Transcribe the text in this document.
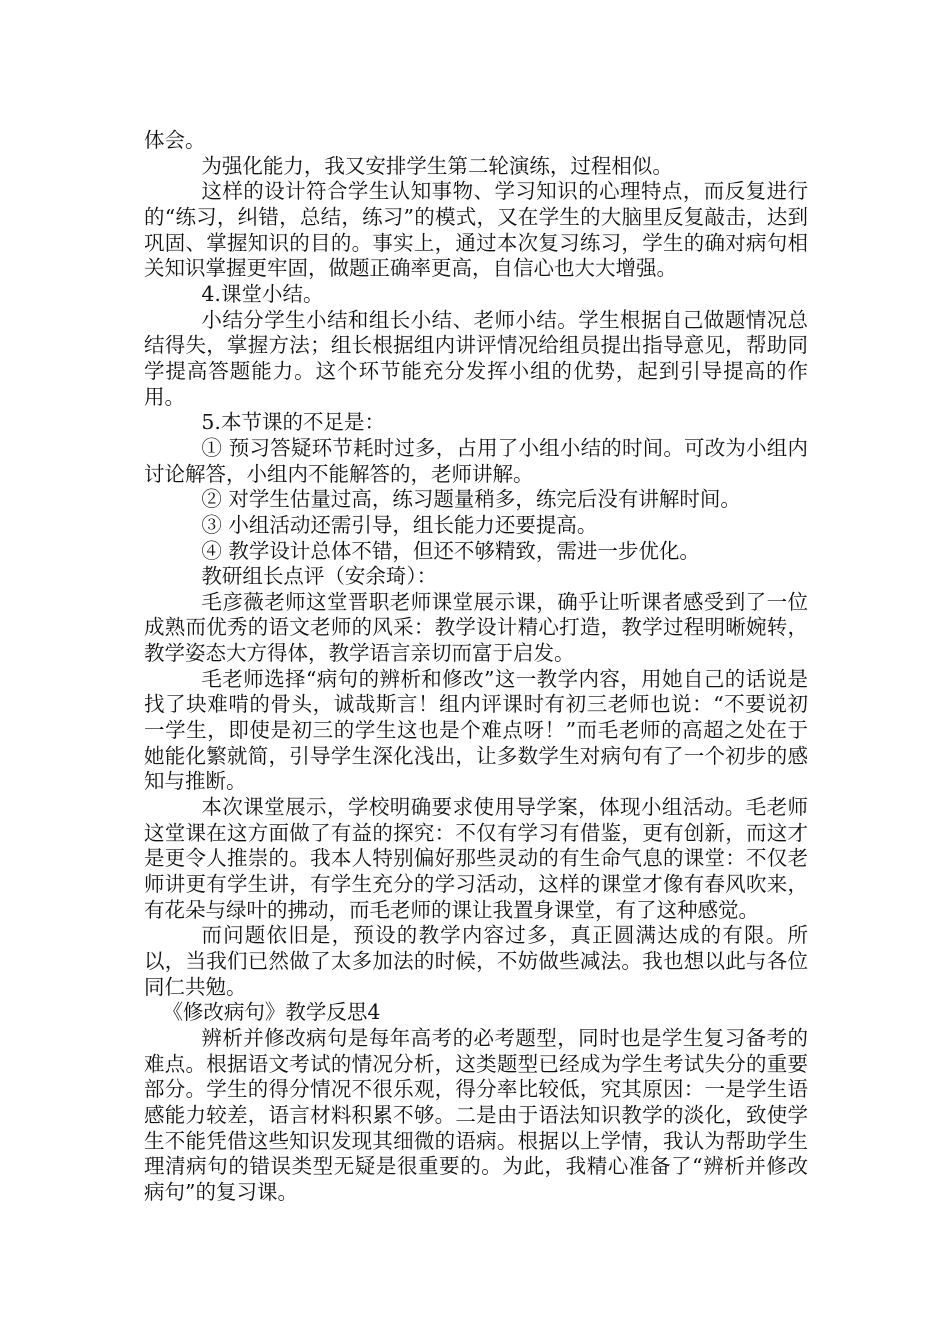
体会。

为强化能力，我又安排学生第二轮演练，过程相似。

这样的设计符合学生认知事物、学习知识的心理特点，而反复进行的“练习，纠错，总结，练习”的模式，又在学生的大脑里反复敲击，达到巩固、掌握知识的目的。事实上，通过本次复习练习，学生的确对病句相关知识掌握更牢固，做题正确率更高，自信心也大大增强。

4.课堂小结。

小结分学生小结和组长小结、老师小结。学生根据自己做题情况总结得失，掌握方法；组长根据组内讲评情况给组员提出指导意见，帮助同学提高答题能力。这个环节能充分发挥小组的优势，起到引导提高的作用。

5.本节课的不足是：

① 预习答疑环节耗时过多，占用了小组小结的时间。可改为小组内讨论解答，小组内不能解答的，老师讲解。

② 对学生估量过高，练习题量稍多，练完后没有讲解时间。

③ 小组活动还需引导，组长能力还要提高。

④ 教学设计总体不错，但还不够精致，需进一步优化。

教研组长点评（安余琦）：

毛彦薇老师这堂晋职老师课堂展示课，确乎让听课者感受到了一位成熟而优秀的语文老师的风采：教学设计精心打造，教学过程明晰婉转，教学姿态大方得体，教学语言亲切而富于启发。

毛老师选择“病句的辨析和修改”这一教学内容，用她自己的话说是找了块难啃的骨头，诚哉斯言！组内评课时有初三老师也说：“不要说初一学生，即使是初三的学生这也是个难点呀！”而毛老师的高超之处在于她能化繁就简，引导学生深化浅出，让多数学生对病句有了一个初步的感知与推断。

本次课堂展示，学校明确要求使用导学案，体现小组活动。毛老师这堂课在这方面做了有益的探究：不仅有学习有借鉴，更有创新，而这才是更令人推崇的。我本人特别偏好那些灵动的有生命气息的课堂：不仅老师讲更有学生讲，有学生充分的学习活动，这样的课堂才像有春风吹来，有花朵与绿叶的拂动，而毛老师的课让我置身课堂，有了这种感觉。

而问题依旧是，预设的教学内容过多，真正圆满达成的有限。所以，当我们已然做了太多加法的时候，不妨做些减法。我也想以此与各位同仁共勉。

《修改病句》教学反思4

辨析并修改病句是每年高考的必考题型，同时也是学生复习备考的难点。根据语文考试的情况分析，这类题型已经成为学生考试失分的重要部分。学生的得分情况不很乐观，得分率比较低，究其原因：一是学生语感能力较差，语言材料积累不够。二是由于语法知识教学的淡化，致使学生不能凭借这些知识发现其细微的语病。根据以上学情，我认为帮助学生理清病句的错误类型无疑是很重要的。为此，我精心准备了“辨析并修改病句”的复习课。
